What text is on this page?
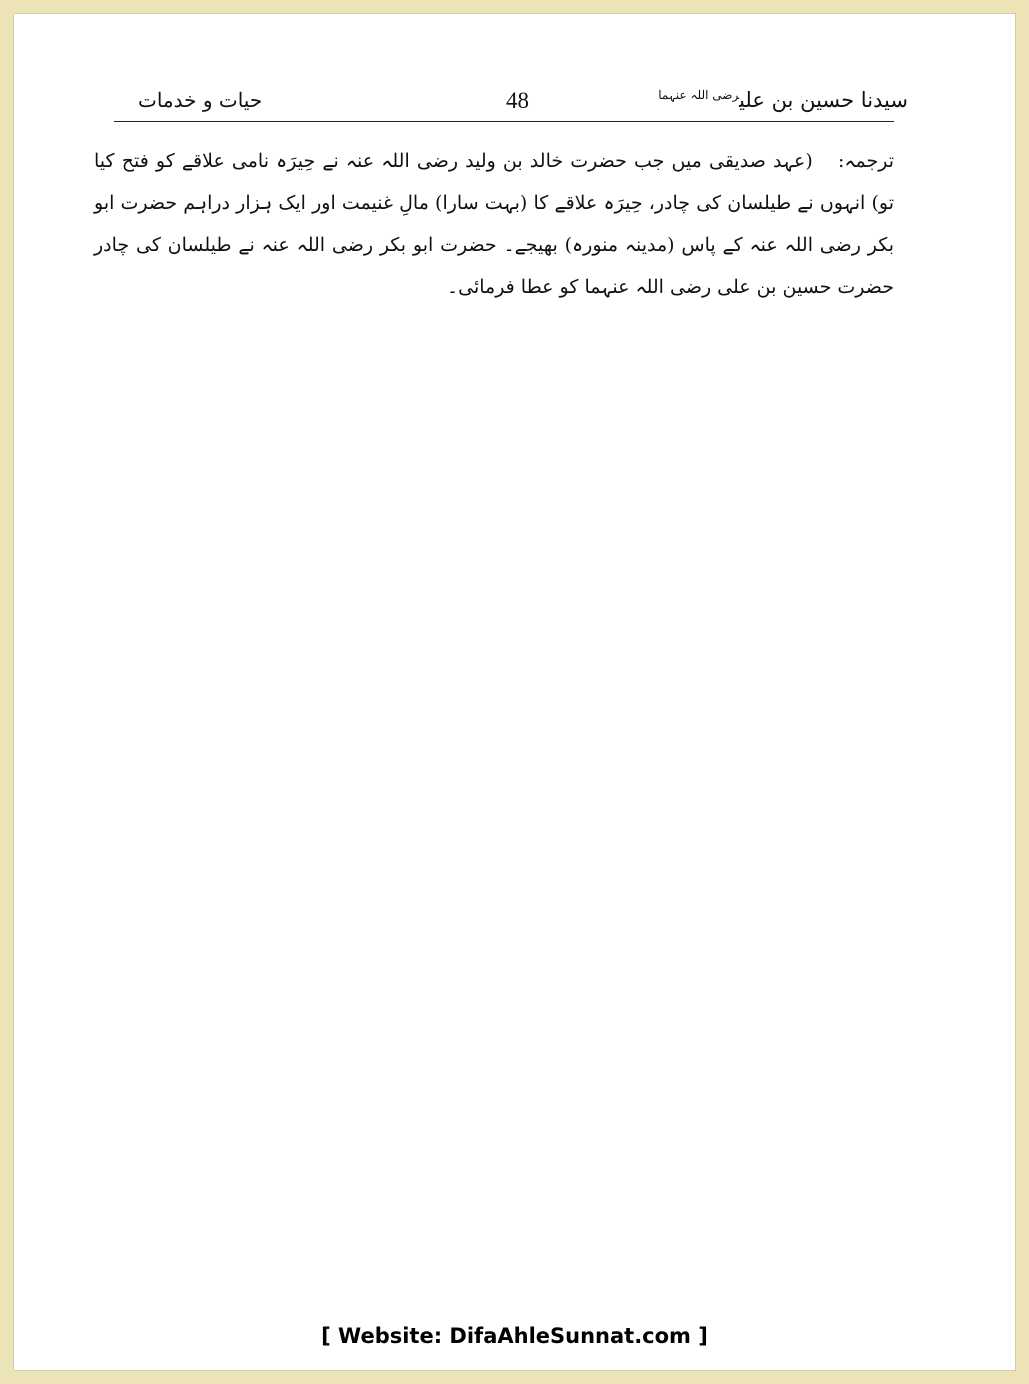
سیدنا حسین بن علی$^{رضی اللہ عنہما}$
48
حیات و خدمات
ترجمہ: (عہد صدیقی میں جب حضرت خالد بن ولید رضی اللہ عنہ نے حِیرَہ نامی علاقے کو فتح کیا تو) انہوں نے طیلسان کی چادر، حِیرَہ علاقے کا (بہت سارا) مالِ غنیمت اور ایک ہزار دراہم حضرت ابو بکر رضی اللہ عنہ کے پاس (مدینہ منورہ) بھیجے۔ حضرت ابو بکر رضی اللہ عنہ نے طیلسان کی چادر حضرت حسین بن علی رضی اللہ عنہما کو عطا فرمائی۔
[ Website: DifaAhleSunnat.com ]
